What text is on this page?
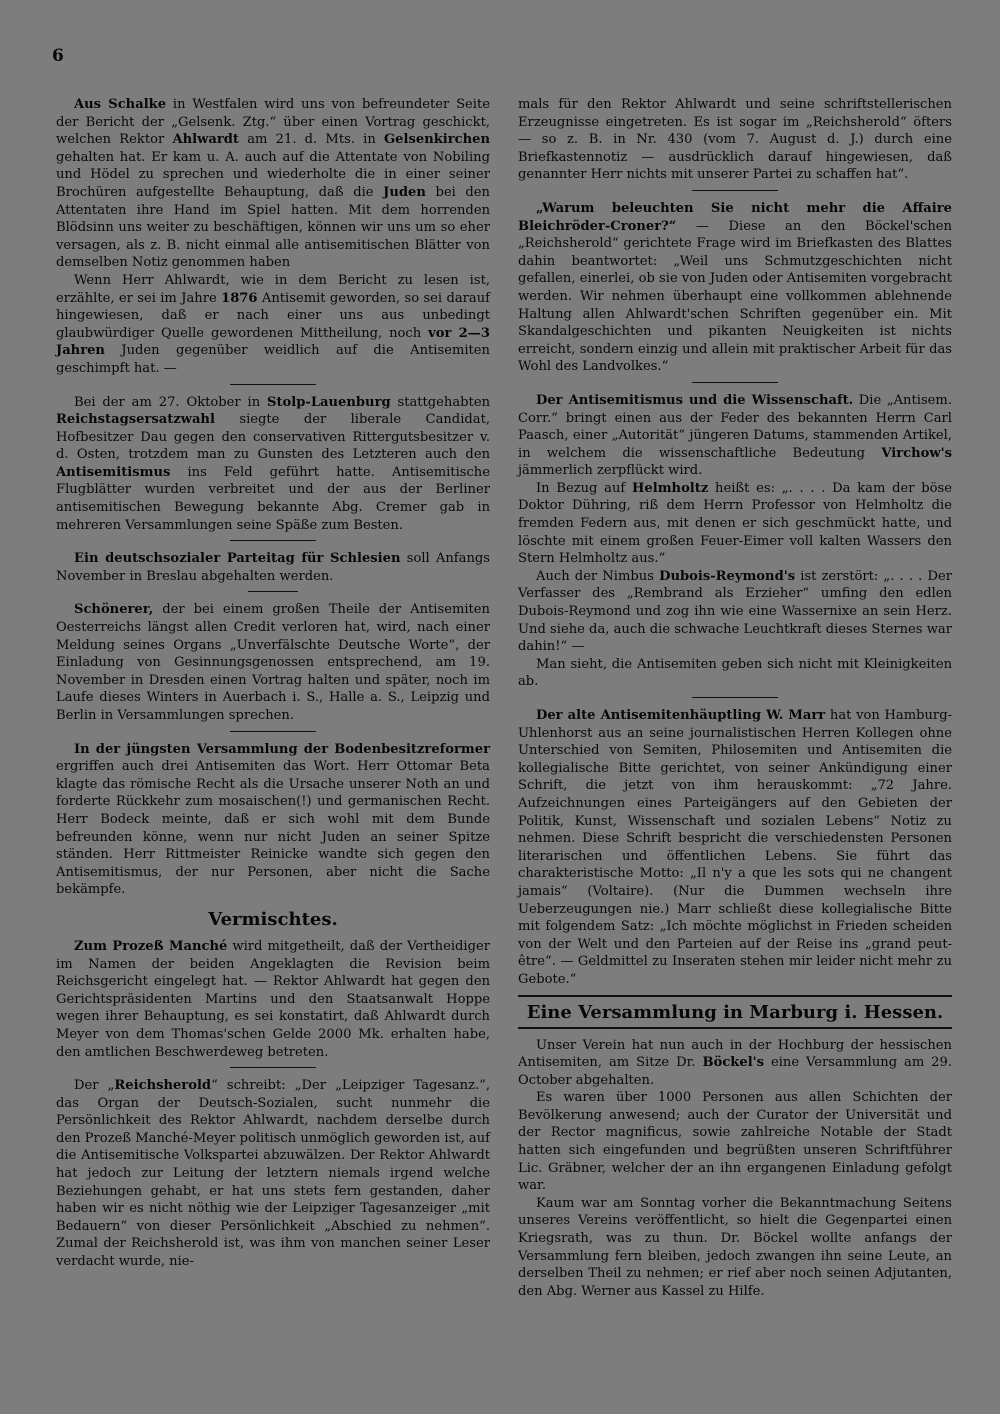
6

Aus Schalke in Westfalen wird uns von befreundeter Seite der Bericht der „Gelsenk. Ztg.“ über einen Vortrag geschickt, welchen Rektor Ahlwardt am 21. d. Mts. in Gelsenkirchen gehalten hat. Er kam u. A. auch auf die Attentate von Nobiling und Hödel zu sprechen und wiederholte die in einer seiner Brochüren aufgestellte Behauptung, daß die Juden bei den Attentaten ihre Hand im Spiel hatten. Mit dem horrenden Blödsinn uns weiter zu beschäftigen, können wir uns um so eher versagen, als z. B. nicht einmal alle antisemitischen Blätter von demselben Notiz genommen haben

Wenn Herr Ahlwardt, wie in dem Bericht zu lesen ist, erzählte, er sei im Jahre 1876 Antisemit geworden, so sei darauf hingewiesen, daß er nach einer uns aus unbedingt glaubwürdiger Quelle gewordenen Mittheilung, noch vor 2—3 Jahren Juden gegenüber weidlich auf die Antisemiten geschimpft hat. —

Bei der am 27. Oktober in Stolp-Lauenburg stattgehabten Reichstagsersatzwahl siegte der liberale Candidat, Hofbesitzer Dau gegen den conservativen Rittergutsbesitzer v. d. Osten, trotzdem man zu Gunsten des Letzteren auch den Antisemitismus ins Feld geführt hatte. Antisemitische Flugblätter wurden verbreitet und der aus der Berliner antisemitischen Bewegung bekannte Abg. Cremer gab in mehreren Versammlungen seine Späße zum Besten.

Ein deutschsozialer Parteitag für Schlesien soll Anfangs November in Breslau abgehalten werden.

Schönerer, der bei einem großen Theile der Antisemiten Oesterreichs längst allen Credit verloren hat, wird, nach einer Meldung seines Organs „Unverfälschte Deutsche Worte“, der Einladung von Gesinnungsgenossen entsprechend, am 19. November in Dresden einen Vortrag halten und später, noch im Laufe dieses Winters in Auerbach i. S., Halle a. S., Leipzig und Berlin in Versammlungen sprechen.

In der jüngsten Versammlung der Bodenbesitzreformer ergriffen auch drei Antisemiten das Wort. Herr Ottomar Beta klagte das römische Recht als die Ursache unserer Noth an und forderte Rückkehr zum mosaischen(!) und germanischen Recht. Herr Bodeck meinte, daß er sich wohl mit dem Bunde befreunden könne, wenn nur nicht Juden an seiner Spitze ständen. Herr Rittmeister Reinicke wandte sich gegen den Antisemitismus, der nur Personen, aber nicht die Sache bekämpfe.

Vermischtes.

Zum Prozeß Manché wird mitgetheilt, daß der Vertheidiger im Namen der beiden Angeklagten die Revision beim Reichsgericht eingelegt hat. — Rektor Ahlwardt hat gegen den Gerichtspräsidenten Martins und den Staatsanwalt Hoppe wegen ihrer Behauptung, es sei konstatirt, daß Ahlwardt durch Meyer von dem Thomas'schen Gelde 2000 Mk. erhalten habe, den amtlichen Beschwerdeweg betreten.

Der „Reichsherold“ schreibt: „Der „Leipziger Tagesanz.“, das Organ der Deutsch-Sozialen, sucht nunmehr die Persönlichkeit des Rektor Ahlwardt, nachdem derselbe durch den Prozeß Manché-Meyer politisch unmöglich geworden ist, auf die Antisemitische Volkspartei abzuwälzen. Der Rektor Ahlwardt hat jedoch zur Leitung der letztern niemals irgend welche Beziehungen gehabt, er hat uns stets fern gestanden, daher haben wir es nicht nöthig wie der Leipziger Tagesanzeiger „mit Bedauern“ von dieser Persönlichkeit „Abschied zu nehmen“. Zumal der Reichsherold ist, was ihm von manchen seiner Leser verdacht wurde, nie-

mals für den Rektor Ahlwardt und seine schriftstellerischen Erzeugnisse eingetreten. Es ist sogar im „Reichsherold“ öfters — so z. B. in Nr. 430 (vom 7. August d. J.) durch eine Briefkastennotiz — ausdrücklich darauf hingewiesen, daß genannter Herr nichts mit unserer Partei zu schaffen hat“.

„Warum beleuchten Sie nicht mehr die Affaire Bleichröder-Croner?“ — Diese an den Böckel'schen „Reichsherold“ gerichtete Frage wird im Briefkasten des Blattes dahin beantwortet: „Weil uns Schmutzgeschichten nicht gefallen, einerlei, ob sie von Juden oder Antisemiten vorgebracht werden. Wir nehmen überhaupt eine vollkommen ablehnende Haltung allen Ahlwardt'schen Schriften gegenüber ein. Mit Skandalgeschichten und pikanten Neuigkeiten ist nichts erreicht, sondern einzig und allein mit praktischer Arbeit für das Wohl des Landvolkes.“

Der Antisemitismus und die Wissenschaft. Die „Antisem. Corr.“ bringt einen aus der Feder des bekannten Herrn Carl Paasch, einer „Autorität“ jüngeren Datums, stammenden Artikel, in welchem die wissenschaftliche Bedeutung Virchow's jämmerlich zerpflückt wird.

In Bezug auf Helmholtz heißt es: „. . . . Da kam der böse Doktor Dühring, riß dem Herrn Professor von Helmholtz die fremden Federn aus, mit denen er sich geschmückt hatte, und löschte mit einem großen Feuer-Eimer voll kalten Wassers den Stern Helmholtz aus.“

Auch der Nimbus Dubois-Reymond's ist zerstört: „. . . . Der Verfasser des „Rembrand als Erzieher“ umfing den edlen Dubois-Reymond und zog ihn wie eine Wassernixe an sein Herz. Und siehe da, auch die schwache Leuchtkraft dieses Sternes war dahin!“ —

Man sieht, die Antisemiten geben sich nicht mit Kleinigkeiten ab.

Der alte Antisemitenhäuptling W. Marr hat von Hamburg-Uhlenhorst aus an seine journalistischen Herren Kollegen ohne Unterschied von Semiten, Philosemiten und Antisemiten die kollegialische Bitte gerichtet, von seiner Ankündigung einer Schrift, die jetzt von ihm herauskommt: „72 Jahre. Aufzeichnungen eines Parteigängers auf den Gebieten der Politik, Kunst, Wissenschaft und sozialen Lebens“ Notiz zu nehmen. Diese Schrift bespricht die verschiedensten Personen literarischen und öffentlichen Lebens. Sie führt das charakteristische Motto: „Il n'y a que les sots qui ne changent jamais“ (Voltaire). (Nur die Dummen wechseln ihre Ueberzeugungen nie.) Marr schließt diese kollegialische Bitte mit folgendem Satz: „Ich möchte möglichst in Frieden scheiden von der Welt und den Parteien auf der Reise ins „grand peut-être“. — Geldmittel zu Inseraten stehen mir leider nicht mehr zu Gebote.“

Eine Versammlung in Marburg i. Hessen.

Unser Verein hat nun auch in der Hochburg der hessischen Antisemiten, am Sitze Dr. Böckel's eine Versammlung am 29. October abgehalten.

Es waren über 1000 Personen aus allen Schichten der Bevölkerung anwesend; auch der Curator der Universität und der Rector magnificus, sowie zahlreiche Notable der Stadt hatten sich eingefunden und begrüßten unseren Schriftführer Lic. Gräbner, welcher der an ihn ergangenen Einladung gefolgt war.

Kaum war am Sonntag vorher die Bekanntmachung Seitens unseres Vereins veröffentlicht, so hielt die Gegenpartei einen Kriegsrath, was zu thun. Dr. Böckel wollte anfangs der Versammlung fern bleiben, jedoch zwangen ihn seine Leute, an derselben Theil zu nehmen; er rief aber noch seinen Adjutanten, den Abg. Werner aus Kassel zu Hilfe.
